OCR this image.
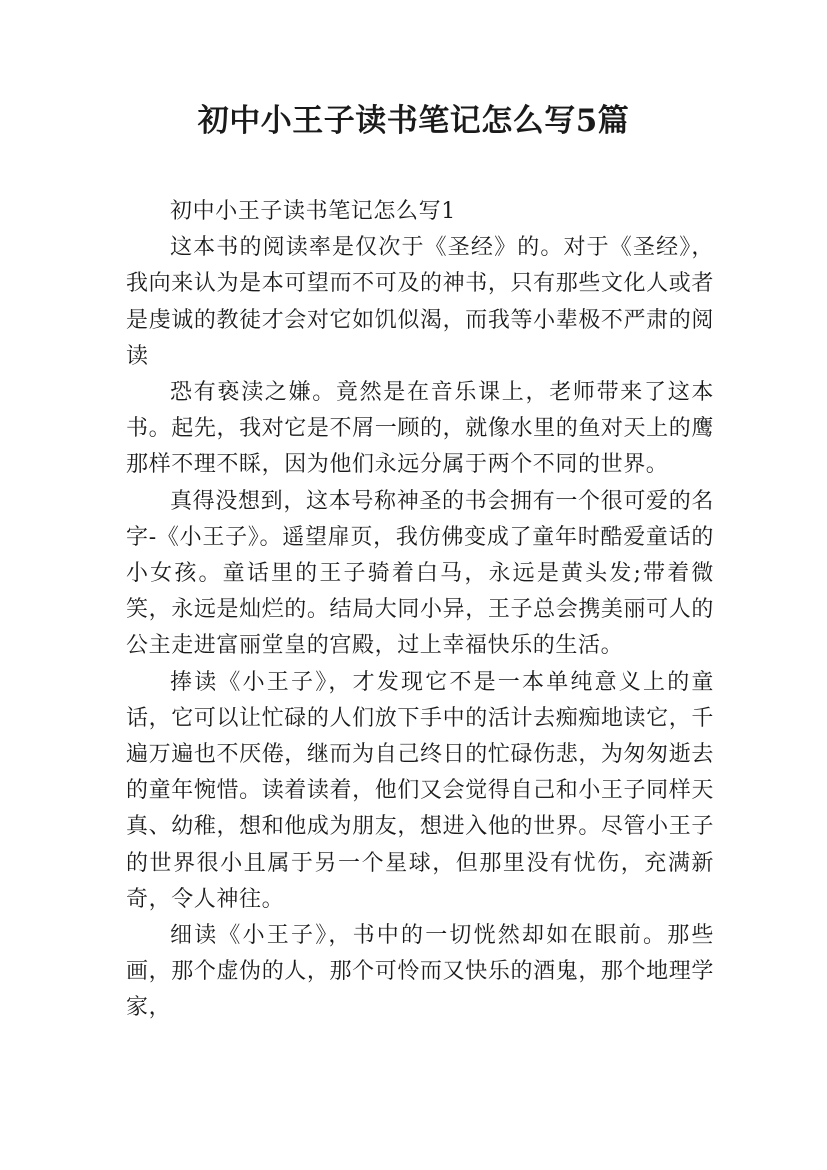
初中小王子读书笔记怎么写5篇

初中小王子读书笔记怎么写1

这本书的阅读率是仅次于《圣经》的。对于《圣经》，我向来认为是本可望而不可及的神书，只有那些文化人或者是虔诚的教徒才会对它如饥似渴，而我等小辈极不严肃的阅读

恐有亵渎之嫌。竟然是在音乐课上，老师带来了这本书。起先，我对它是不屑一顾的，就像水里的鱼对天上的鹰那样不理不睬，因为他们永远分属于两个不同的世界。

真得没想到，这本号称神圣的书会拥有一个很可爱的名字-《小王子》。遥望扉页，我仿佛变成了童年时酷爱童话的小女孩。童话里的王子骑着白马，永远是黄头发;带着微笑，永远是灿烂的。结局大同小异，王子总会携美丽可人的公主走进富丽堂皇的宫殿，过上幸福快乐的生活。

捧读《小王子》，才发现它不是一本单纯意义上的童话，它可以让忙碌的人们放下手中的活计去痴痴地读它，千遍万遍也不厌倦，继而为自己终日的忙碌伤悲，为匆匆逝去的童年惋惜。读着读着，他们又会觉得自己和小王子同样天真、幼稚，想和他成为朋友，想进入他的世界。尽管小王子的世界很小且属于另一个星球，但那里没有忧伤，充满新奇，令人神往。

细读《小王子》，书中的一切恍然却如在眼前。那些画，那个虚伪的人，那个可怜而又快乐的酒鬼，那个地理学家，
